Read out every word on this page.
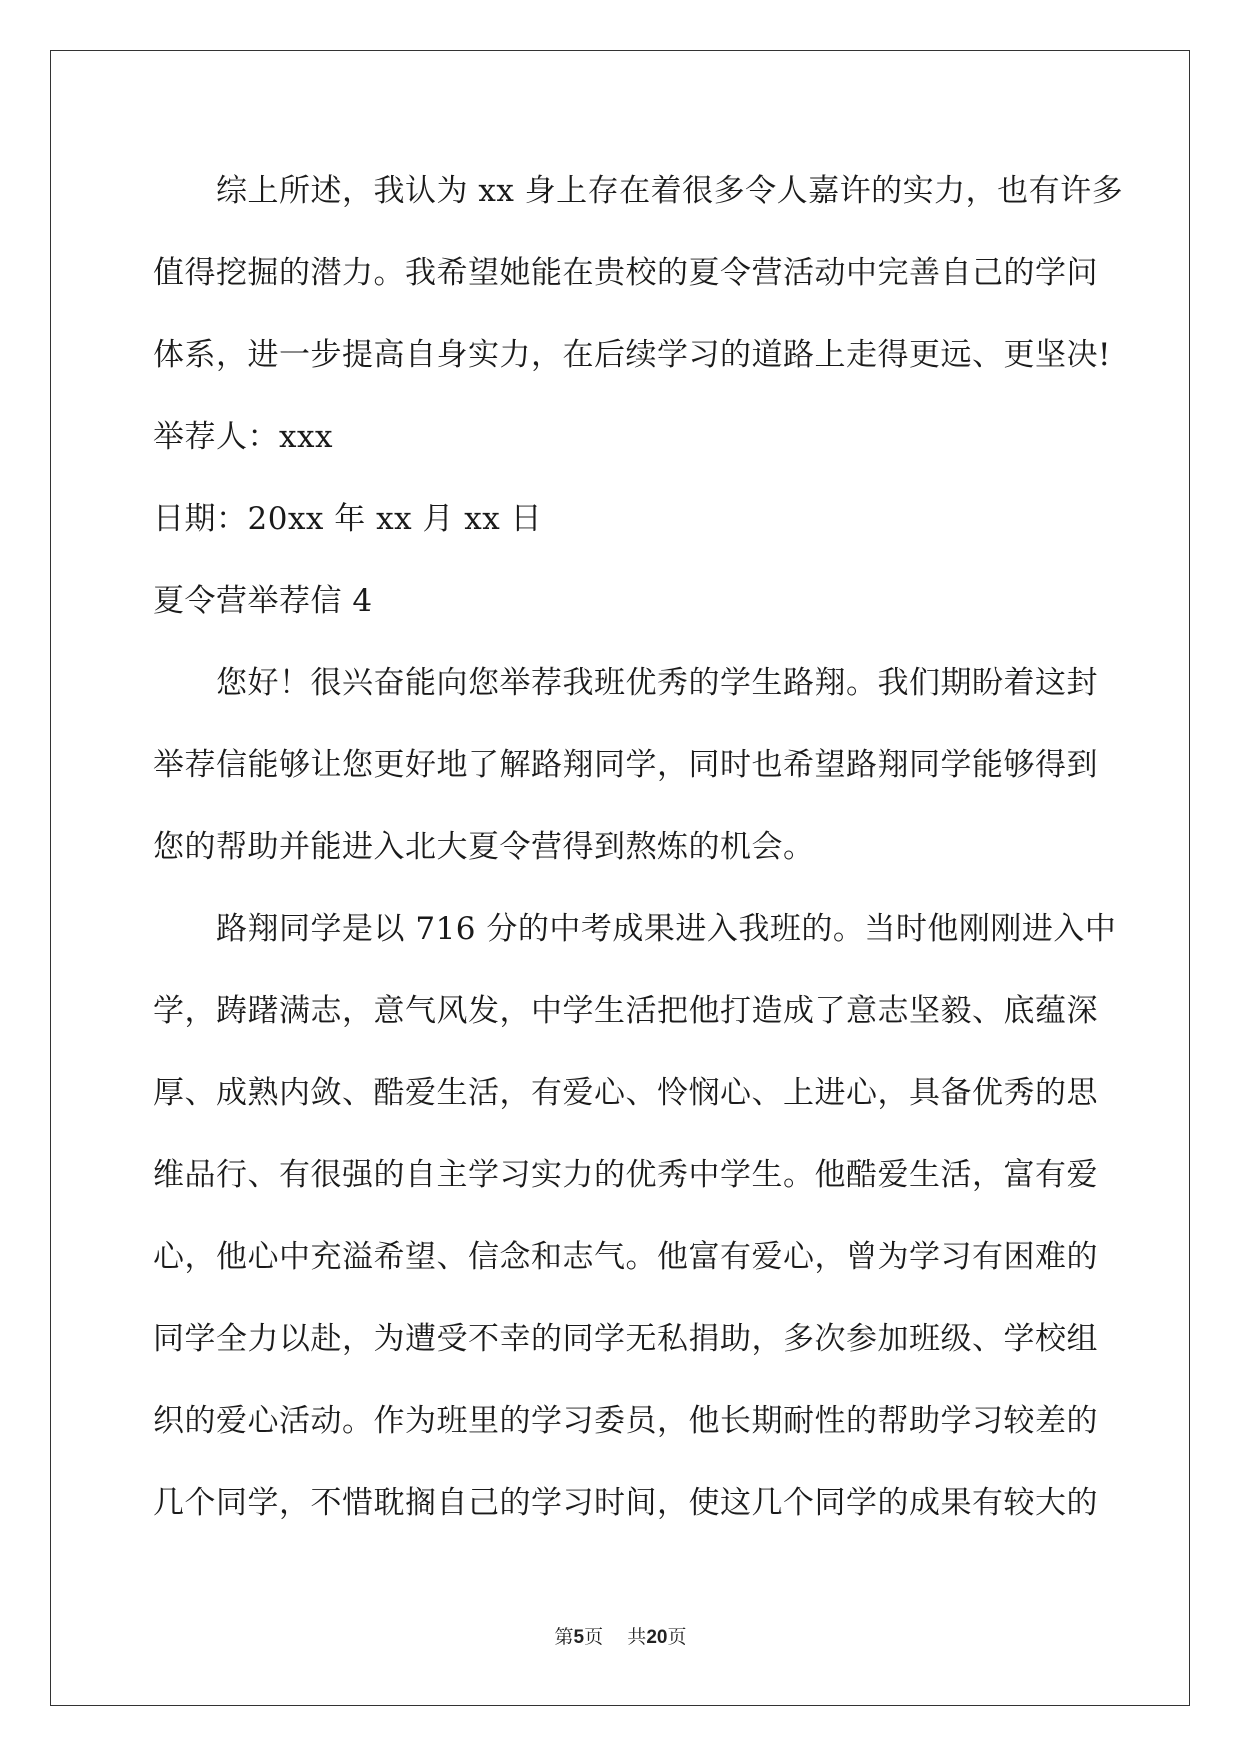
综上所述，我认为 xx 身上存在着很多令人嘉许的实力，也有许多
值得挖掘的潜力。我希望她能在贵校的夏令营活动中完善自己的学问
体系，进一步提高自身实力，在后续学习的道路上走得更远、更坚决!
举荐人：xxx
日期：20xx 年 xx 月 xx 日
夏令营举荐信 4
您好！很兴奋能向您举荐我班优秀的学生路翔。我们期盼着这封
举荐信能够让您更好地了解路翔同学，同时也希望路翔同学能够得到
您的帮助并能进入北大夏令营得到熬炼的机会。
路翔同学是以 716 分的中考成果进入我班的。当时他刚刚进入中
学，踌躇满志，意气风发，中学生活把他打造成了意志坚毅、底蕴深
厚、成熟内敛、酷爱生活，有爱心、怜悯心、上进心，具备优秀的思
维品行、有很强的自主学习实力的优秀中学生。他酷爱生活，富有爱
心，他心中充溢希望、信念和志气。他富有爱心，曾为学习有困难的
同学全力以赴，为遭受不幸的同学无私捐助，多次参加班级、学校组
织的爱心活动。作为班里的学习委员，他长期耐性的帮助学习较差的
几个同学，不惜耽搁自己的学习时间，使这几个同学的成果有较大的
第5页 共20页
